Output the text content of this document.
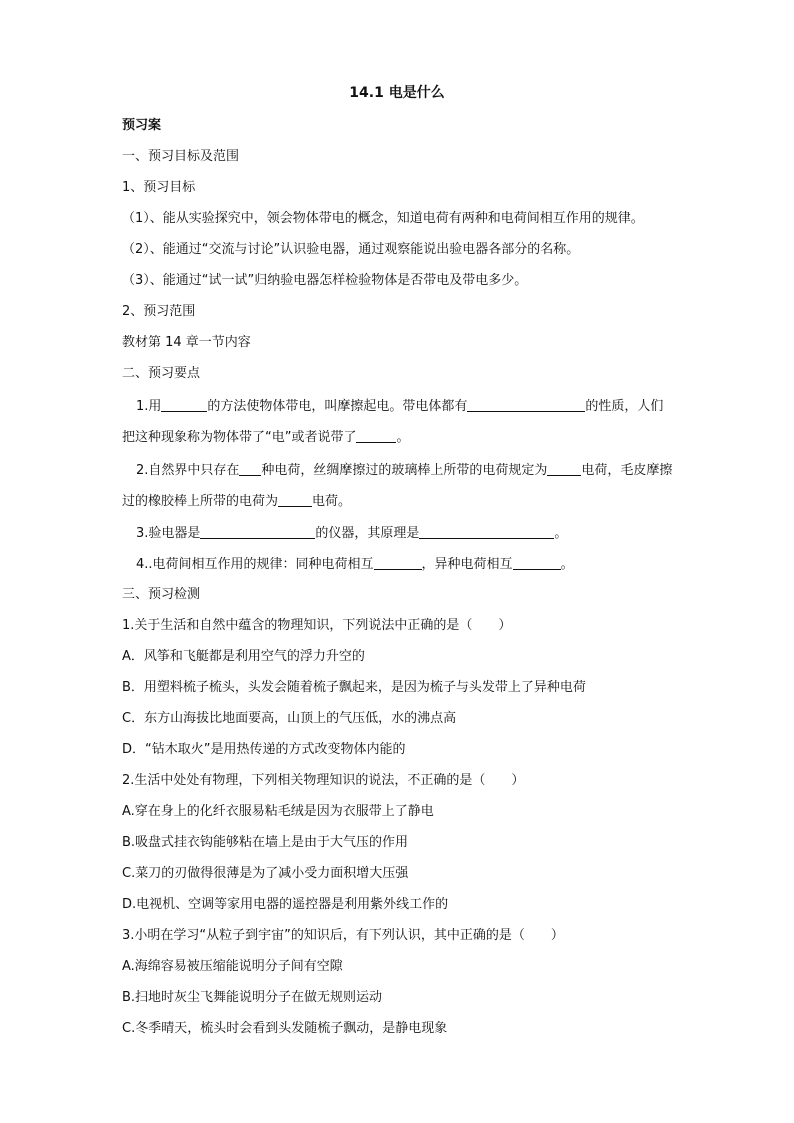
14.1 电是什么
预习案
一、预习目标及范围
1、预习目标
（1）、能从实验探究中，领会物体带电的概念，知道电荷有两种和电荷间相互作用的规律。
（2）、能通过“交流与讨论”认识验电器，通过观察能说出验电器各部分的名称。
（3）、能通过“试一试”归纳验电器怎样检验物体是否带电及带电多少。
2、预习范围
教材第 14 章一节内容
二、预习要点
1.用	的方法使物体带电，叫摩擦起电。带电体都有	的性质，人们
把这种现象称为物体带了“电”或者说带了	。
2.自然界中只存在 种电荷，丝绸摩擦过的玻璃棒上所带的电荷规定为	电荷，毛皮摩擦
过的橡胶棒上所带的电荷为	电荷。
3.验电器是	的仪器，其原理是	。
4..电荷间相互作用的规律：同种电荷相互	，异种电荷相互	。
三、预习检测
1.关于生活和自然中蕴含的物理知识，下列说法中正确的是（　　）
A．风筝和飞艇都是利用空气的浮力升空的
B．用塑料梳子梳头，头发会随着梳子飘起来，是因为梳子与头发带上了异种电荷
C．东方山海拔比地面要高，山顶上的气压低，水的沸点高
D．“钻木取火”是用热传递的方式改变物体内能的
2.生活中处处有物理，下列相关物理知识的说法，不正确的是（　　）
A.穿在身上的化纤衣服易粘毛绒是因为衣服带上了静电
B.吸盘式挂衣钩能够粘在墙上是由于大气压的作用
C.菜刀的刃做得很薄是为了减小受力面积增大压强
D.电视机、空调等家用电器的遥控器是利用紫外线工作的
3.小明在学习“从粒子到宇宙”的知识后，有下列认识，其中正确的是（　　）
A.海绵容易被压缩能说明分子间有空隙
B.扫地时灰尘飞舞能说明分子在做无规则运动
C.冬季晴天，梳头时会看到头发随梳子飘动，是静电现象
